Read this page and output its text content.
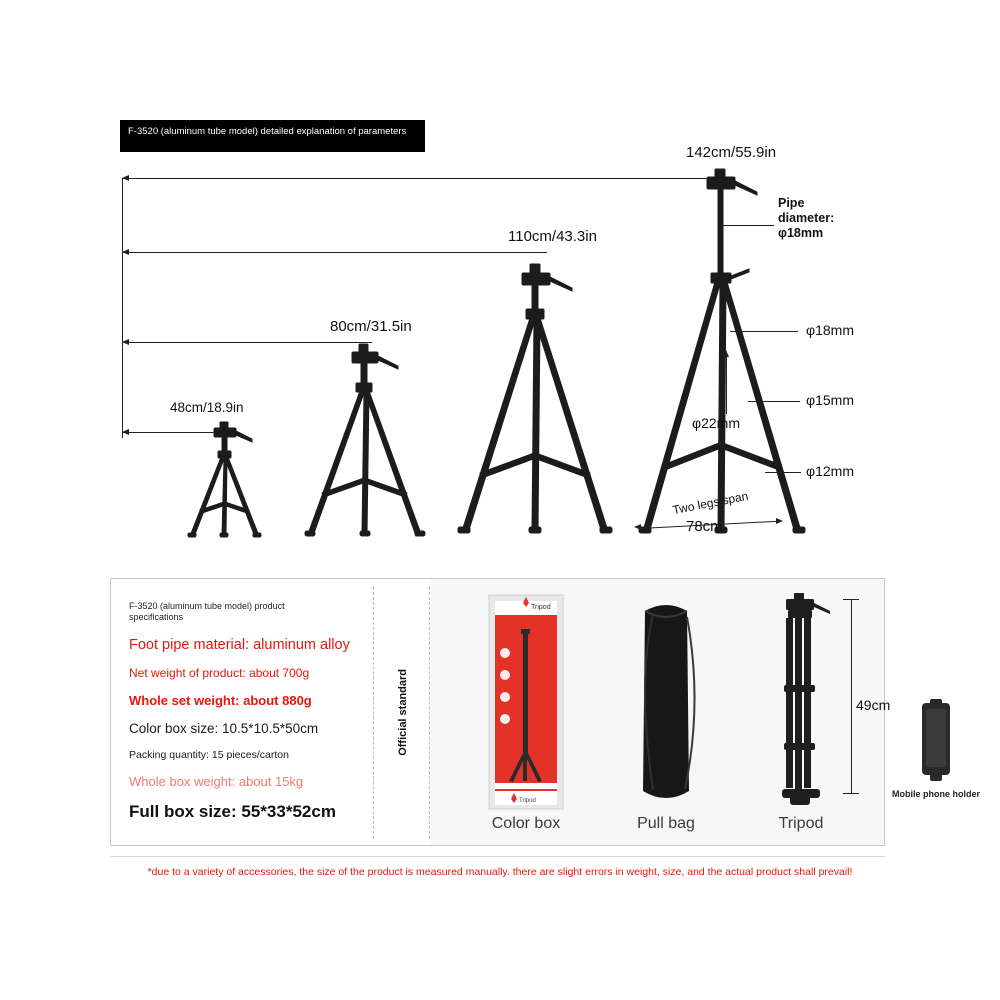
F-3520 (aluminum tube model) detailed explanation of parameters
142cm/55.9in
110cm/43.3in
80cm/31.5in
48cm/18.9in
Pipe
diameter:
φ18mm
φ18mm
φ15mm
φ12mm
φ22mm
Two legs span
78cm
F-3520 (aluminum tube model) product specifications
Foot pipe material: aluminum alloy
Net weight of product: about 700g
Whole set weight: about 880g
Color box size: 10.5*10.5*50cm
Packing quantity: 15 pieces/carton
Whole box weight: about 15kg
Full box size: 55*33*52cm
Official standard
Tripod
Tripod
Color box	Pull bag	Tripod
49cm
Mobile phone holder
*due to a variety of accessories, the size of the product is measured manually. there are slight errors in weight, size, and the actual product shall prevail!
